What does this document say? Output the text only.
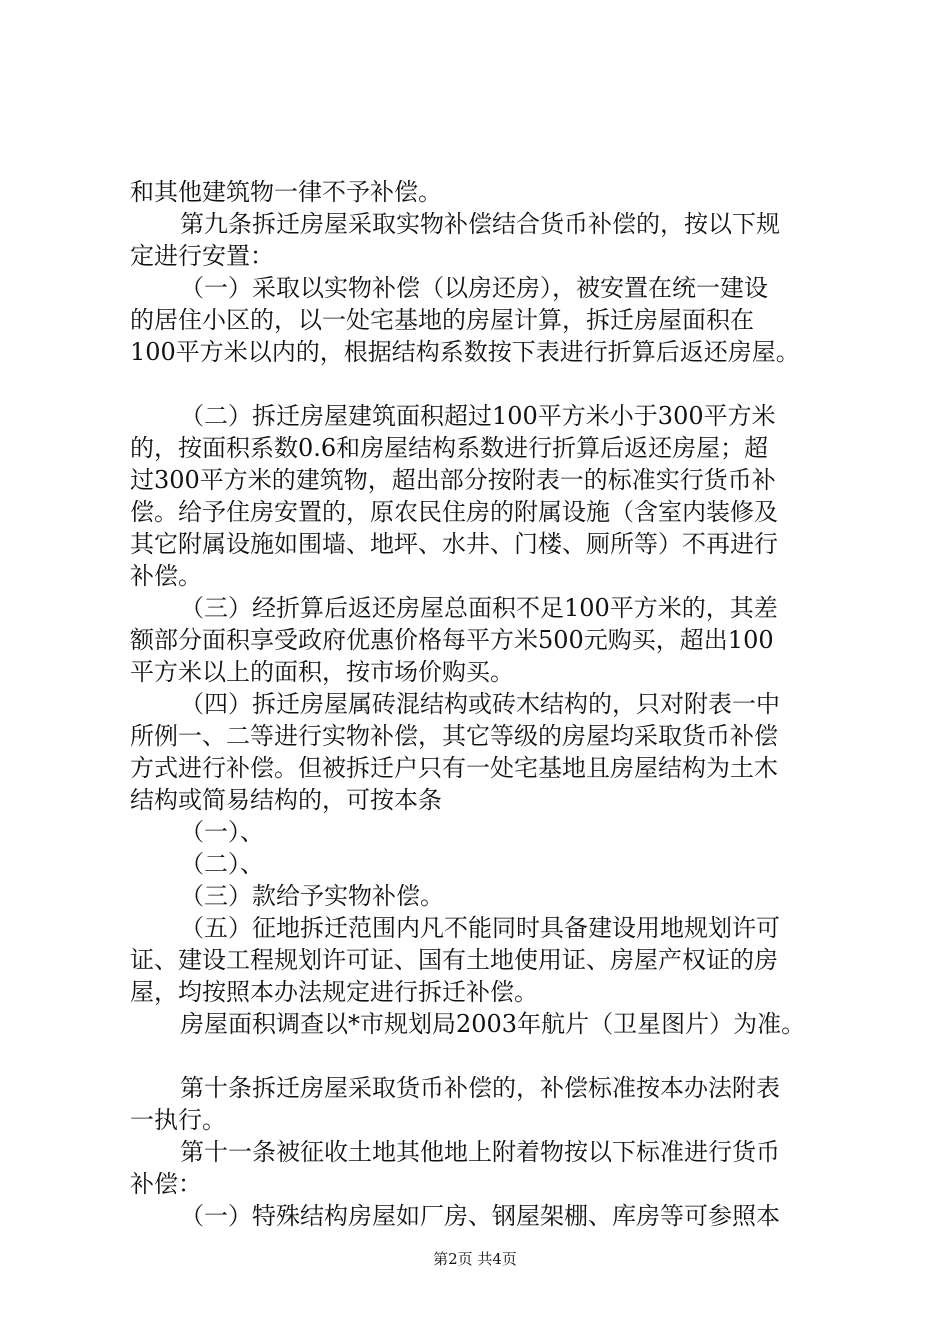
和其他建筑物一律不予补偿。
第九条拆迁房屋采取实物补偿结合货币补偿的，按以下规
定进行安置：
（一）采取以实物补偿（以房还房），被安置在统一建设
的居住小区的，以一处宅基地的房屋计算，拆迁房屋面积在
100平方米以内的，根据结构系数按下表进行折算后返还房屋。
（二）拆迁房屋建筑面积超过100平方米小于300平方米
的，按面积系数0.6和房屋结构系数进行折算后返还房屋；超
过300平方米的建筑物，超出部分按附表一的标准实行货币补
偿。给予住房安置的，原农民住房的附属设施（含室内装修及
其它附属设施如围墙、地坪、水井、门楼、厕所等）不再进行
补偿。
（三）经折算后返还房屋总面积不足100平方米的，其差
额部分面积享受政府优惠价格每平方米500元购买，超出100
平方米以上的面积，按市场价购买。
（四）拆迁房屋属砖混结构或砖木结构的，只对附表一中
所例一、二等进行实物补偿，其它等级的房屋均采取货币补偿
方式进行补偿。但被拆迁户只有一处宅基地且房屋结构为土木
结构或简易结构的，可按本条
（一）、
（二）、
（三）款给予实物补偿。
（五）征地拆迁范围内凡不能同时具备建设用地规划许可
证、建设工程规划许可证、国有土地使用证、房屋产权证的房
屋，均按照本办法规定进行拆迁补偿。
房屋面积调查以*市规划局2003年航片（卫星图片）为准。
第十条拆迁房屋采取货币补偿的，补偿标准按本办法附表
一执行。
第十一条被征收土地其他地上附着物按以下标准进行货币
补偿：
（一）特殊结构房屋如厂房、钢屋架棚、库房等可参照本
第2页 共4页
